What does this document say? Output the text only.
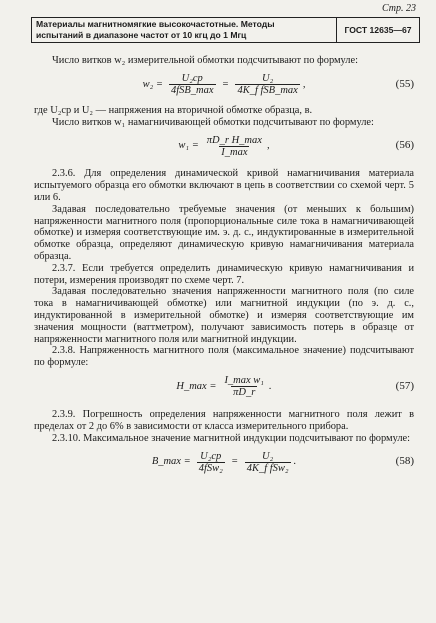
Стр. 23
Материалы магнитномягкие высокочастотные. Методы
испытаний в диапазоне частот от 10 кгц до 1 Мгц	ГОСТ 12635—67

Число витков w₂ измерительной обмотки подсчитывают по формуле:

$w_2 = \frac{\text{U₂ср}}{\text{4fSB\_max}} = \frac{\text{U₂}}{\text{4K\_f fSB\_max}}$ ,	(55)

где U₂ср и U₂ — напряжения на вторичной обмотке образца, в.

Число витков w₁ намагничивающей обмотки подсчитывают по формуле:

$w_1 = \frac{\text{πD\_r H\_max}}{I\_\max}$ ,	(56)

2.3.6. Для определения динамической кривой намагничивания материала испытуемого образца его обмотки включают в цепь в соответствии со схемой черт. 5 или 6.

Задавая последовательно требуемые значения (от меньших к большим) напряженности магнитного поля (пропорциональные силе тока в намагничивающей обмотке) и измеряя соответствующие им. э. д. с., индуктированные в измерительной обмотке образца, определяют динамическую кривую намагничивания материала образца.

2.3.7. Если требуется определить динамическую кривую намагничивания и потери, измерения производят по схеме черт. 7.

Задавая последовательно значения напряженности магнитного поля (по силе тока в намагничивающей обмотке) или магнитной индукции (по э. д. с., индуктированной в измерительной обмотке) и измеряя соответствующие им значения мощности (ваттметром), получают зависимость потерь в образце от напряженности магнитного поля или магнитной индукции.

2.3.8. Напряженность магнитного поля (максимальное значение) подсчитывают по формуле:

H_max = $\frac{\text{I\_max w₁}}{\pi D\_r}$ .	(57)

2.3.9. Погрешность определения напряженности магнитного поля лежит в пределах от 2 до 6% в зависимости от класса измерительного прибора.

2.3.10. Максимальное значение магнитной индукции подсчитывают по формуле:

B_max = $\frac{\text{U₂ср}}{\text{4fSw₂}} = \frac{\text{U₂}}{\text{4K\_f fSw₂}}$ .	(58)
